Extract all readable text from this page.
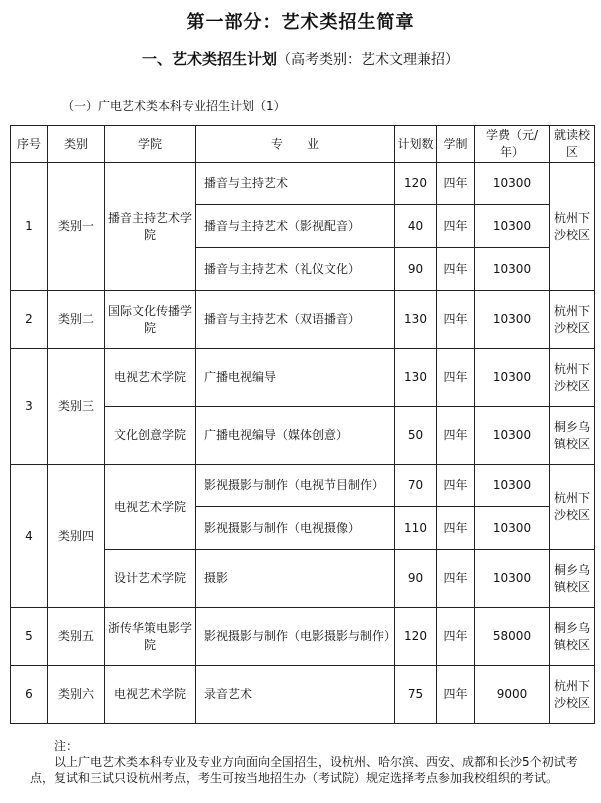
第一部分：艺术类招生简章
一、艺术类招生计划（高考类别：艺术文理兼招）
（一）广电艺术类本科专业招生计划（1）
序号	类别	学院	专　　业	计划数	学制	学费（元/年）	就读校区
1	类别一	播音主持艺术学院	播音与主持艺术	120	四年	10300	杭州下沙校区
			播音与主持艺术（影视配音）	40	四年	10300	
			播音与主持艺术（礼仪文化）	90	四年	10300	
2	类别二	国际文化传播学院	播音与主持艺术（双语播音）	130	四年	10300	杭州下沙校区
3	类别三	电视艺术学院	广播电视编导	130	四年	10300	杭州下沙校区
		文化创意学院	广播电视编导（媒体创意）	50	四年	10300	桐乡乌镇校区
4	类别四	电视艺术学院	影视摄影与制作（电视节目制作）	70	四年	10300	杭州下沙校区
			影视摄影与制作（电视摄像）	110	四年	10300	
		设计艺术学院	摄影	90	四年	10300	桐乡乌镇校区
5	类别五	浙传华策电影学院	影视摄影与制作（电影摄影与制作）	120	四年	58000	桐乡乌镇校区
6	类别六	电视艺术学院	录音艺术	75	四年	9000	杭州下沙校区
注：
以上广电艺术类本科专业及专业方向面向全国招生，设杭州、哈尔滨、西安、成都和长沙5个初试考点，复试和三试只设杭州考点，考生可按当地招生办（考试院）规定选择考点参加我校组织的考试。
